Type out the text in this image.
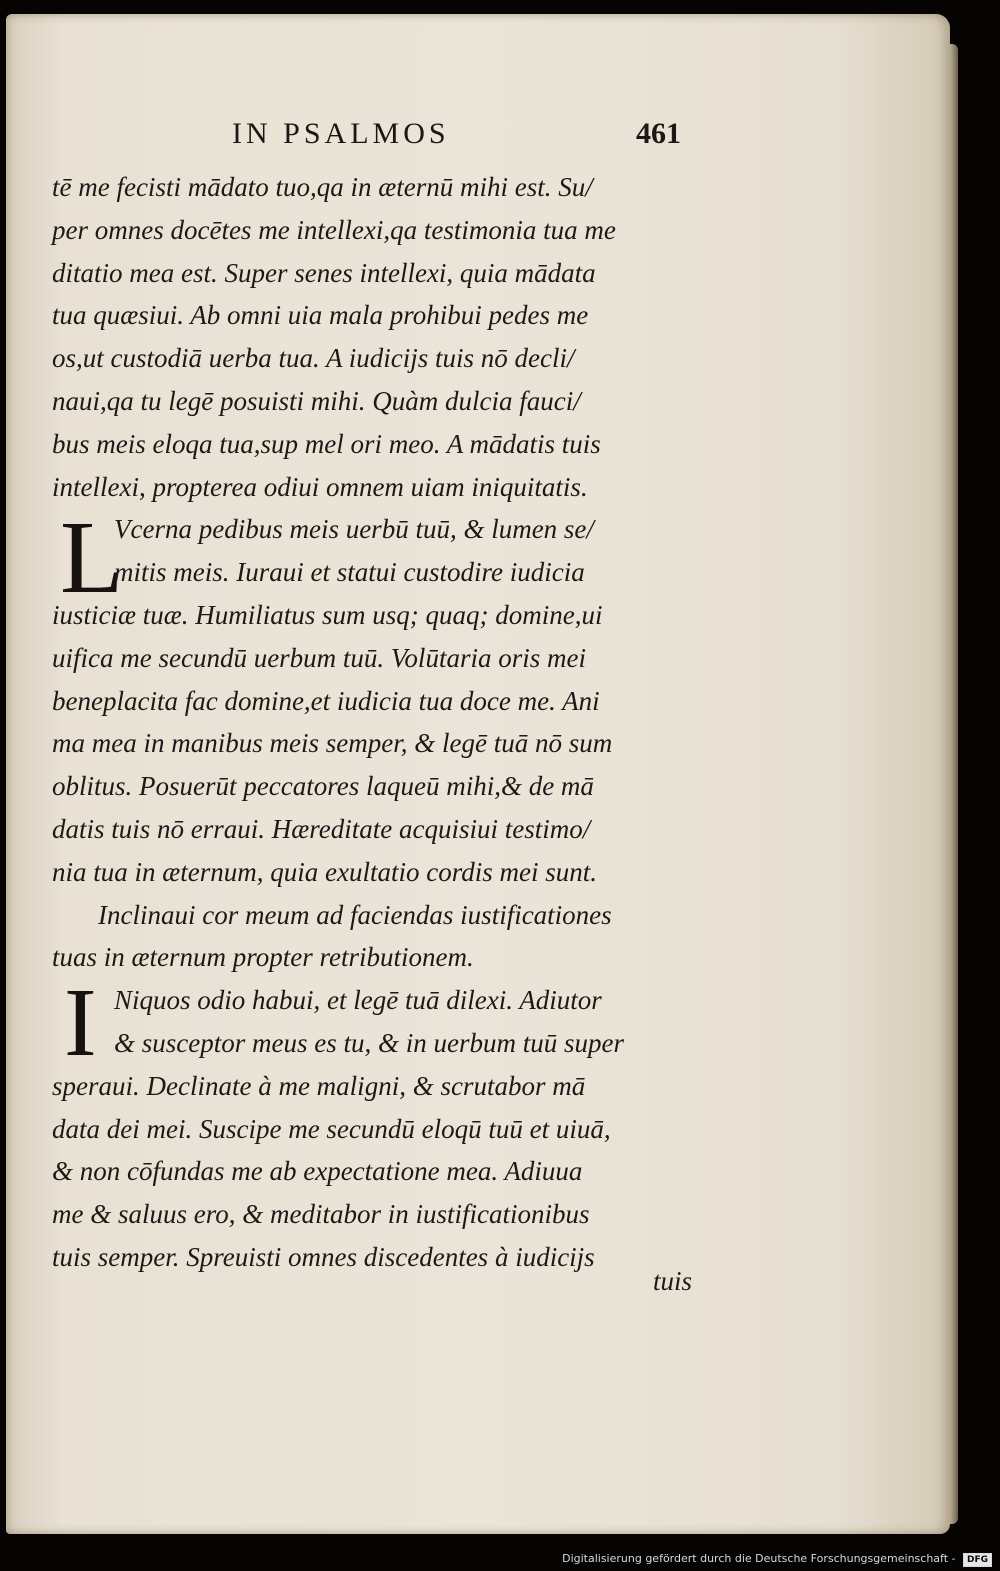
IN PSALMOS	461
L
I
tē me fecisti mādato tuo,qa in æternū mihi est. Su/
per omnes docētes me intellexi,qa testimonia tua me
ditatio mea est. Super senes intellexi, quia mādata
tua quæsiui. Ab omni uia mala prohibui pedes me
os,ut custodiā uerba tua. A iudicijs tuis nō decli/
naui,qa tu legē posuisti mihi. Quàm dulcia fauci/
bus meis eloqa tua,sup mel ori meo. A mādatis tuis
intellexi, propterea odiui omnem uiam iniquitatis.
Vcerna pedibus meis uerbū tuū, & lumen se/
mitis meis. Iuraui et statui custodire iudicia
iusticiæ tuæ. Humiliatus sum usq; quaq; domine,ui
uifica me secundū uerbum tuū. Volūtaria oris mei
beneplacita fac domine,et iudicia tua doce me. Ani
ma mea in manibus meis semper, & legē tuā nō sum
oblitus. Posuerūt peccatores laqueū mihi,& de mā
datis tuis nō erraui. Hæreditate acquisiui testimo/
nia tua in æternum, quia exultatio cordis mei sunt.
Inclinaui cor meum ad faciendas iustificationes
tuas in æternum propter retributionem.
Niquos odio habui, et legē tuā dilexi. Adiutor
& susceptor meus es tu, & in uerbum tuū super
speraui. Declinate à me maligni, & scrutabor mā
data dei mei. Suscipe me secundū eloqū tuū et uiuā,
& non cōfundas me ab expectatione mea. Adiuua
me & saluus ero, & meditabor in iustificationibus
tuis semper. Spreuisti omnes discedentes à iudicijs
tuis
Digitalisierung gefördert durch die Deutsche Forschungsgemeinschaft - DFG
